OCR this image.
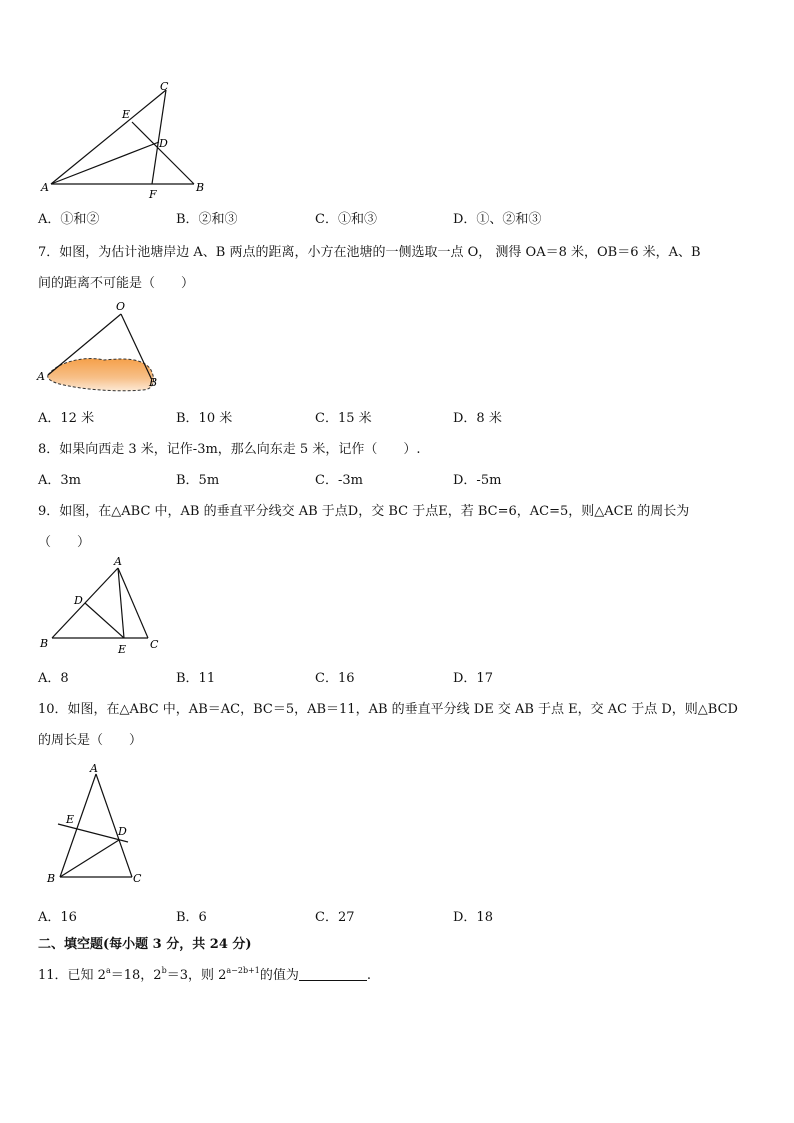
A	B
C
D
E
F
A．①和②	B．②和③	C．①和③	D．①、②和③
7．如图，为估计池塘岸边 A、B 两点的距离，小方在池塘的一侧选取一点 O， 测得 OA＝8 米，OB＝6 米，A、B
间的距离不可能是（　　）
O
A	B
A．12 米	B．10 米	C．15 米	D．8 米
8．如果向西走 3 米，记作-3m，那么向东走 5 米，记作（　　）.
A．3m	B．5m	C．-3m	D．-5m
9．如图，在△ABC 中，AB 的垂直平分线交 AB 于点D，交 BC 于点E，若 BC=6，AC=5，则△ACE 的周长为
（　　）
A
B	C
D
E
A．8	B．11	C．16	D．17
10．如图，在△ABC 中，AB＝AC，BC＝5，AB＝11，AB 的垂直平分线 DE 交 AB 于点 E，交 AC 于点 D，则△BCD
的周长是（　　）
A
B	C
D
E
A．16	B．6	C．27	D．18
二、填空题(每小题 3 分，共 24 分)
11．已知 $2^a=18$，$2^b=3$，则 $2^{a-2b+1}$的值为	.
